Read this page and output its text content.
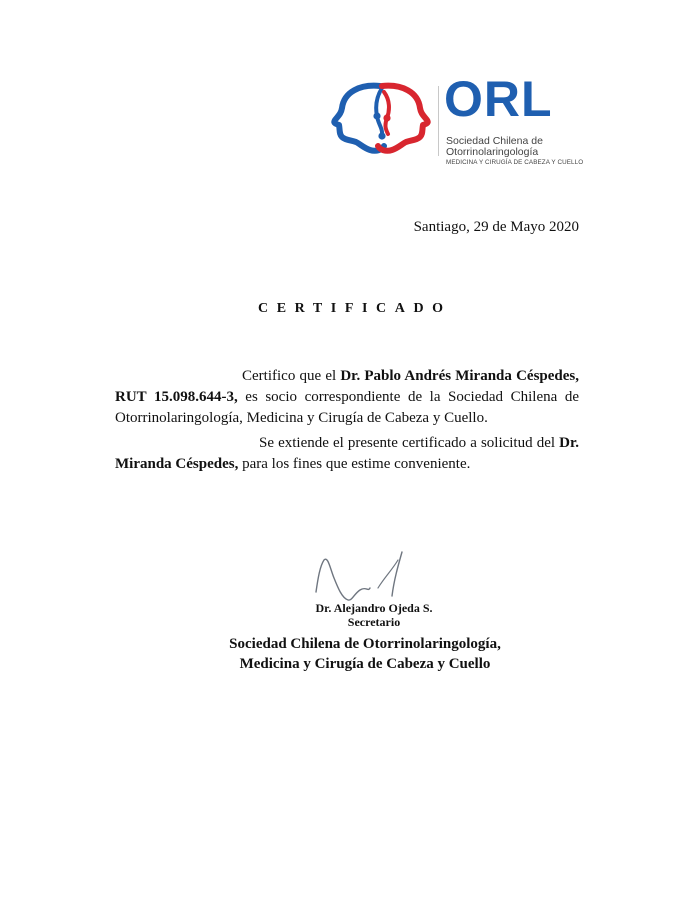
ORL
Sociedad Chilena de
Otorrinolaringología
MEDICINA Y CIRUGÍA DE CABEZA Y CUELLO
Santiago, 29 de Mayo 2020
CERTIFICADO

Certifico que el Dr. Pablo Andrés Miranda Céspedes, RUT 15.098.644-3, es socio correspondiente de la Sociedad Chilena de Otorrinolaringología, Medicina y Cirugía de Cabeza y Cuello.

Se extiende el presente certificado a solicitud del Dr. Miranda Céspedes, para los fines que estime conveniente.

Dr. Alejandro Ojeda S.
Secretario
Sociedad Chilena de Otorrinolaringología,
Medicina y Cirugía de Cabeza y Cuello
